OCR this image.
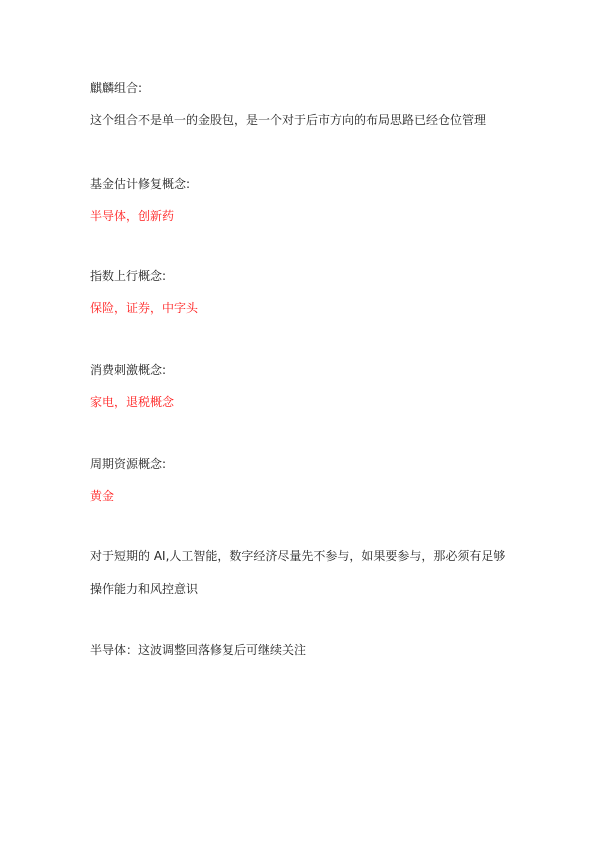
麒麟组合:
这个组合不是单一的金股包，是一个对于后市方向的布局思路已经仓位管理
基金估计修复概念:
半导体，创新药
指数上行概念:
保险，证券，中字头
消费刺激概念:
家电，退税概念
周期资源概念:
黄金
对于短期的 AI,人工智能，数字经济尽量先不参与，如果要参与，那必须有足够
操作能力和风控意识
半导体：这波调整回落修复后可继续关注
